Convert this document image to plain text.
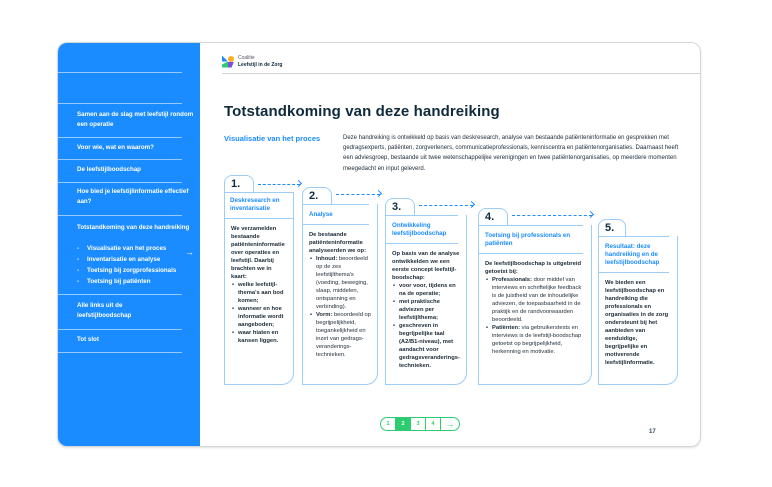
Samen aan de slag met leefstijl rondom een operatie
Voor wie, wat en waarom?
De leefstijlboodschap
Hoe bied je leefstijlinformatie effectief aan?
Totstandkoming van deze handreiking
- Visualisatie van het proces	→
- Inventarisatie en analyse
- Toetsing bij zorgprofessionals
- Toetsing bij patiënten
Alle links uit de leefstijlboodschap
Tot slot
Coalitie
Leefstijl in de Zorg
Totstandkoming van deze handreiking
Visualisatie van het proces	Deze handreiking is ontwikkeld op basis van deskresearch, analyse van bestaande patiënteninformatie en gesprekken met gedragsexperts, patiënten, zorgverleners, communicatieprofessionals, kenniscentra en patiëntenorganisaties. Daarnaast heeft een adviesgroep, bestaande uit twee wetenschappelijke verenigingen en twee patiëntenorganisaties, op meerdere momenten meegedacht en input geleverd.

1.
Deskresearch en inventarisatie
We verzamelden bestaande patiënteninformatie over operaties en leefstijl. Daarbij brachten we in kaart:
• welke leefstijl-thema's aan bod komen;
• wanneer en hoe informatie wordt aangeboden;
• waar hiaten en kansen liggen.
2.
Analyse
De bestaande patiënteninformatie analyseerden we op:
• Inhoud: beoordeeld op de zes leefstijlthema's (voeding, beweging, slaap, middelen, ontspanning en verbinding).
• Vorm: beoordeeld op begrijpelijkheid, toegankelijkheid en inzet van gedrags-veranderings-technieken.
3.
Ontwikkeling leefstijlboodschap
Op basis van de analyse ontwikkelden we een eerste concept leefstijl-boodschap:
• voor voor, tijdens en na de operatie;
• met praktische adviezen per leefstijlthema;
• geschreven in begrijpelijke taal (A2/B1-niveau), met aandacht voor gedragsveranderings-technieken.
4.
Toetsing bij professionals en patiënten
De leefstijlboodschap is uitgebreid getoetst bij:
• Professionals: door middel van interviews en schriftelijke feedback is de juistheid van de inhoudelijke adviezen, de toepasbaarheid in de praktijk en de randvoorwaarden beoordeeld.
• Patiënten: via gebruikerstests en interviews is de leefstijl-boodschap getoetst op begrijpelijkheid, herkenning en motivatie.
5.
Resultaat: deze handreiking en de leefstijlboodschap
We bieden een leefstijlboodschap en handreiking die professionals en organisaties in de zorg ondersteunt bij het aanbieden van eenduidige, begrijpelijke en motiverende leefstijlinformatie.
1	2	3	4	→
17
